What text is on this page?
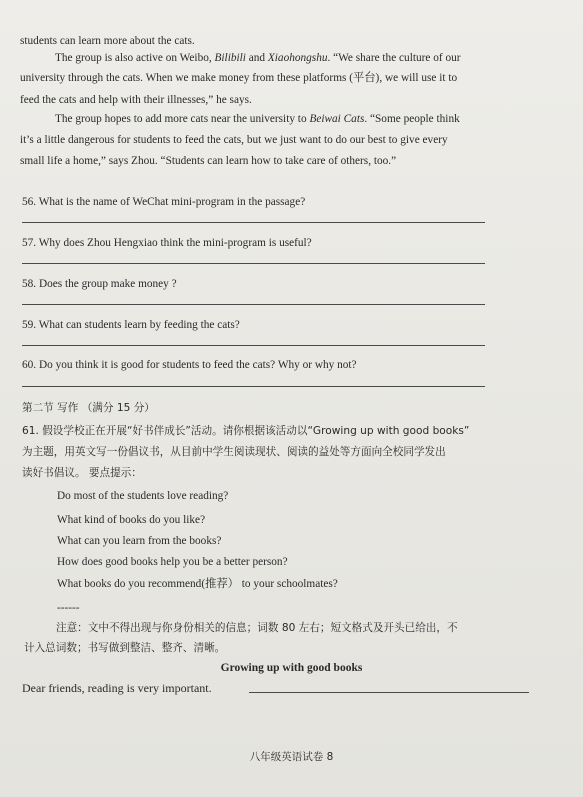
students can learn more about the cats.
The group is also active on Weibo, Bilibili and Xiaohongshu. “We share the culture of our
university through the cats. When we make money from these platforms (平台), we will use it to
feed the cats and help with their illnesses,” he says.
The group hopes to add more cats near the university to Beiwai Cats. “Some people think
it’s a little dangerous for students to feed the cats, but we just want to do our best to give every
small life a home,” says Zhou. “Students can learn how to take care of others, too.”
56. What is the name of WeChat mini-program in the passage?
57. Why does Zhou Hengxiao think the mini-program is useful?
58. Does the group make money ?
59. What can students learn by feeding the cats?
60. Do you think it is good for students to feed the cats? Why or why not?
第二节 写作 （满分 15 分）
61. 假设学校正在开展“好书伴成长”活动。请你根据该活动以“Growing up with good books”
为主题，用英文写一份倡议书，从目前中学生阅读现状、阅读的益处等方面向全校同学发出
读好书倡议。 要点提示：
Do most of the students love reading?
What kind of books do you like?
What can you learn from the books?
How does good books help you be a better person?
What books do you recommend(推荐） to your schoolmates?
------
注意：文中不得出现与你身份相关的信息；词数 80 左右；短文格式及开头已给出，不
计入总词数；书写做到整洁、整齐、清晰。
Growing up with good books
Dear friends, reading is very important.
八年级英语试卷 8
